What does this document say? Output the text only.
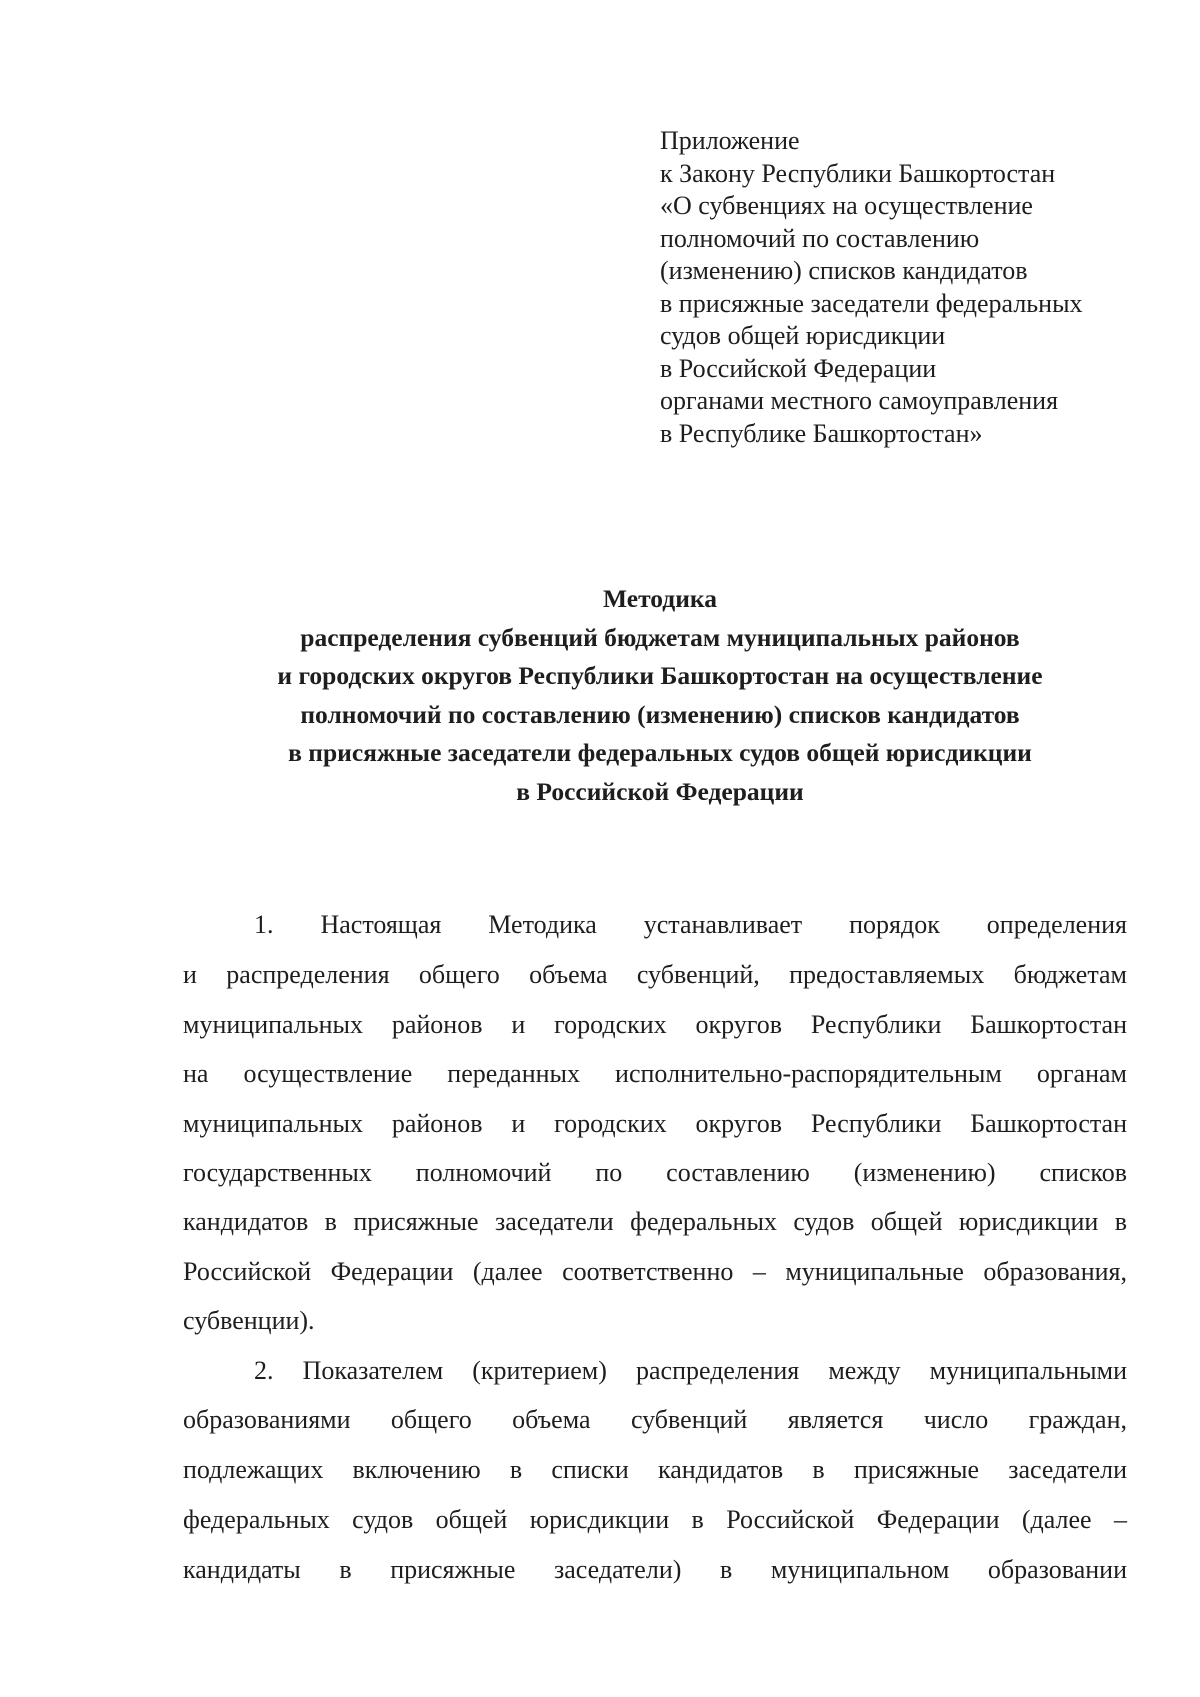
Приложение
к Закону Республики Башкортостан
«О субвенциях на осуществление
полномочий по составлению
(изменению) списков кандидатов
в присяжные заседатели федеральных
судов общей юрисдикции
в Российской Федерации
органами местного самоуправления
в Республике Башкортостан»
Методика
распределения субвенций бюджетам муниципальных районов
и городских округов Республики Башкортостан на осуществление
полномочий по составлению (изменению) списков кандидатов
в присяжные заседатели федеральных судов общей юрисдикции
в Российской Федерации
1. Настоящая Методика устанавливает порядок определения
и распределения общего объема субвенций, предоставляемых бюджетам
муниципальных районов и городских округов Республики Башкортостан
на осуществление переданных исполнительно-распорядительным органам
муниципальных районов и городских округов Республики Башкортостан
государственных полномочий по составлению (изменению) списков
кандидатов в присяжные заседатели федеральных судов общей юрисдикции в
Российской Федерации (далее соответственно – муниципальные образования,
субвенции).
2. Показателем (критерием) распределения между муниципальными
образованиями общего объема субвенций является число граждан,
подлежащих включению в списки кандидатов в присяжные заседатели
федеральных судов общей юрисдикции в Российской Федерации (далее –
кандидаты в присяжные заседатели) в муниципальном образовании
